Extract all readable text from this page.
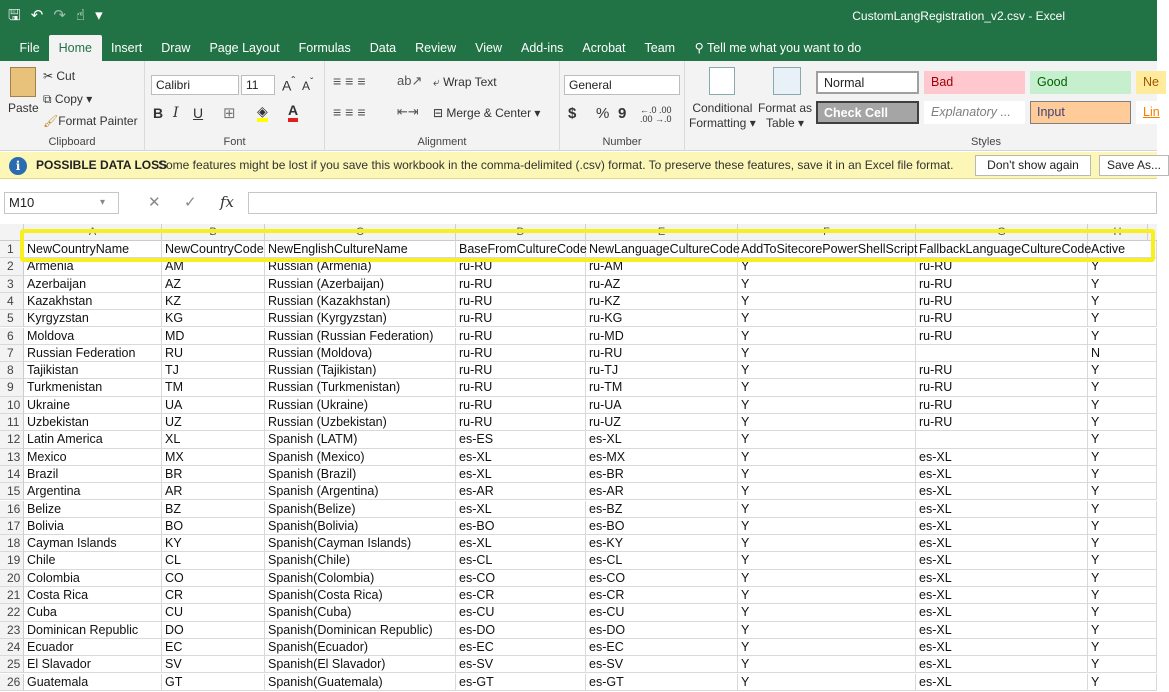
🖫 ↶ ↷ ☝ ▾	CustomLangRegistration_v2.csv - Excel
File	Home	Insert	Draw	Page Layout	Formulas	Data	Review	View	Add-ins	Acrobat	Team	⚲ Tell me what you want to do
Paste
✂ Cut
⧉ Copy ▾
🖌Format Painter
Clipboard
Calibri	11	$A^ˆ$ $A^ˇ$
B I U ⊞ ◈ A
Font
≡≡≡ ab↗ ⤶ Wrap Text
≡≡≡ ⇤⇥ ⊟ Merge & Center ▾
Alignment
General
$ % 9 ←.0 .00
.00 →.0
Number
Conditional
Formatting ▾
Format as
Table ▾
Normal	Bad	Good	Ne
Check Cell	Explanatory ...	Input	Lin
Styles
i	POSSIBLE DATA LOSS
Some features might be lost if you save this workbook in the comma-delimited (.csv) format. To preserve these features, save it in an Excel file format.	Don't show again	Save As...
M10	▾	✕ ✓ fx
A	B	C	D	E	F	G	H
1	NewCountryName	NewCountryCode NewEnglishCultureName	BaseFromCultureCode NewLanguageCultureCode AddToSitecorePowerShellScript FallbackLanguageCultureCode Active
2	Armenia	AM	Russian (Armenia)	ru-RU	ru-AM	Y	ru-RU	Y
3	Azerbaijan	AZ	Russian (Azerbaijan)	ru-RU	ru-AZ	Y	ru-RU	Y
4	Kazakhstan	KZ	Russian (Kazakhstan)	ru-RU	ru-KZ	Y	ru-RU	Y
5	Kyrgyzstan	KG	Russian (Kyrgyzstan)	ru-RU	ru-KG	Y	ru-RU	Y
6	Moldova	MD	Russian (Russian Federation)	ru-RU	ru-MD	Y	ru-RU	Y
7	Russian Federation	RU	Russian (Moldova)	ru-RU	ru-RU	Y	N
8	Tajikistan	TJ	Russian (Tajikistan)	ru-RU	ru-TJ	Y	ru-RU	Y
9	Turkmenistan	TM	Russian (Turkmenistan)	ru-RU	ru-TM	Y	ru-RU	Y
10 Ukraine	UA	Russian (Ukraine)	ru-RU	ru-UA	Y	ru-RU	Y
11 Uzbekistan	UZ	Russian (Uzbekistan)	ru-RU	ru-UZ	Y	ru-RU	Y
12 Latin America	XL	Spanish (LATM)	es-ES	es-XL	Y	Y
13 Mexico	MX	Spanish (Mexico)	es-XL	es-MX	Y	es-XL	Y
14 Brazil	BR	Spanish (Brazil)	es-XL	es-BR	Y	es-XL	Y
15 Argentina	AR	Spanish (Argentina)	es-AR	es-AR	Y	es-XL	Y
16 Belize	BZ	Spanish(Belize)	es-XL	es-BZ	Y	es-XL	Y
17 Bolivia	BO	Spanish(Bolivia)	es-BO	es-BO	Y	es-XL	Y
18 Cayman Islands	KY	Spanish(Cayman Islands)	es-XL	es-KY	Y	es-XL	Y
19 Chile	CL	Spanish(Chile)	es-CL	es-CL	Y	es-XL	Y
20 Colombia	CO	Spanish(Colombia)	es-CO	es-CO	Y	es-XL	Y
21 Costa Rica	CR	Spanish(Costa Rica)	es-CR	es-CR	Y	es-XL	Y
22 Cuba	CU	Spanish(Cuba)	es-CU	es-CU	Y	es-XL	Y
23 Dominican Republic	DO	Spanish(Dominican Republic)	es-DO	es-DO	Y	es-XL	Y
24 Ecuador	EC	Spanish(Ecuador)	es-EC	es-EC	Y	es-XL	Y
25 El Slavador	SV	Spanish(El Slavador)	es-SV	es-SV	Y	es-XL	Y
26 Guatemala	GT	Spanish(Guatemala)	es-GT	es-GT	Y	es-XL	Y
